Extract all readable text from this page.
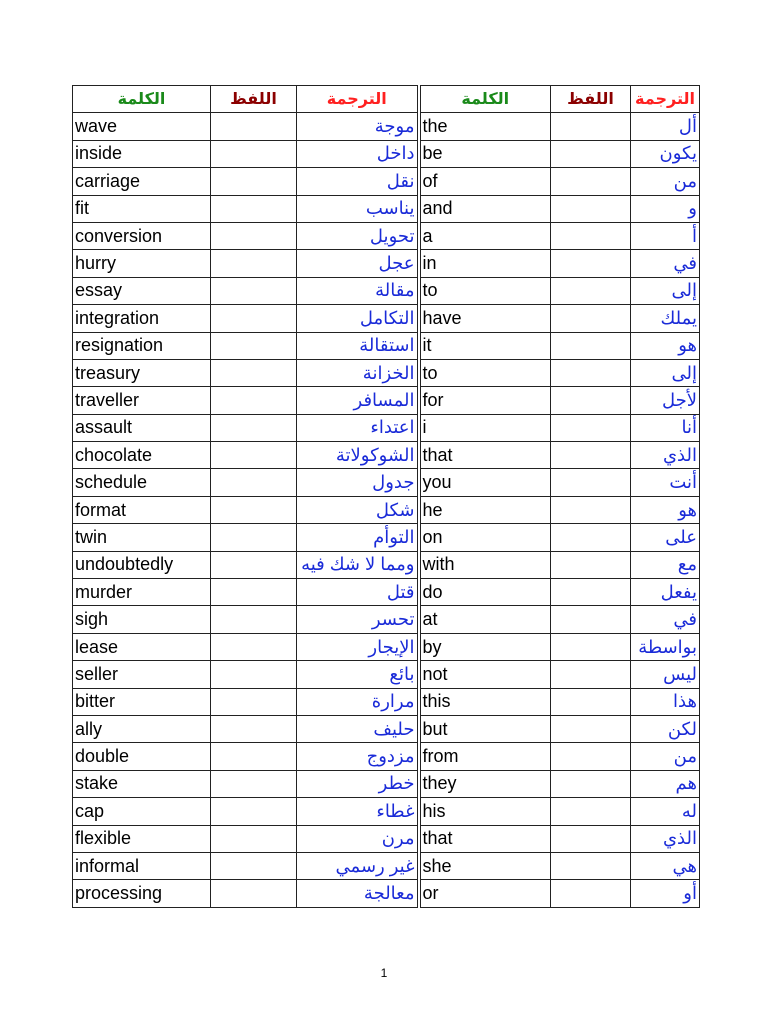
الكلمة	اللفظ	الترجمة	الكلمة	اللفظ	الترجمة
wave		موجة	the		أل
inside		داخل	be		يكون
carriage		نقل	of		من
fit		يناسب	and		و
conversion		تحويل	a		أ
hurry		عجل	in		في
essay		مقالة	to		إلى
integration		التكامل	have		يملك
resignation		استقالة	it		هو
treasury		الخزانة	to		إلى
traveller		المسافر	for		لأجل
assault		اعتداء	i		أنا
chocolate		الشوكولاتة	that		الذي
schedule		جدول	you		أنت
format		شكل	he		هو
twin		التوأم	on		على
undoubtedly		ومما لا شك فيه	with		مع
murder		قتل	do		يفعل
sigh		تحسر	at		في
lease		الإيجار	by		بواسطة
seller		بائع	not		ليس
bitter		مرارة	this		هذا
ally		حليف	but		لكن
double		مزدوج	from		من
stake		خطر	they		هم
cap		غطاء	his		له
flexible		مرن	that		الذي
informal		غير رسمي	she		هي
processing		معالجة	or		أو
1
